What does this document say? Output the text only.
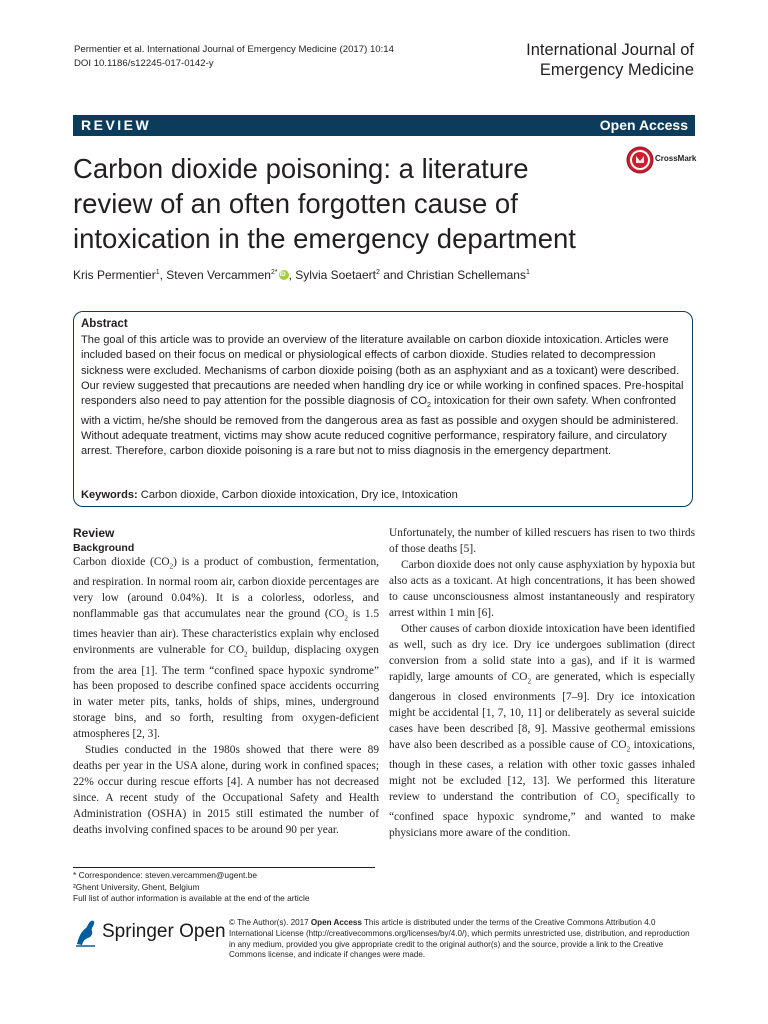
Permentier et al. International Journal of Emergency Medicine (2017) 10:14
DOI 10.1186/s12245-017-0142-y
International Journal of
Emergency Medicine
REVIEW	Open Access
Carbon dioxide poisoning: a literature review of an often forgotten cause of intoxication in the emergency department
CrossMark
Kris Permentier$^1$, Steven Vercammen$^{2*}$iD , Sylvia Soetaert$^2$ and Christian Schellemans$^1$
Abstract
The goal of this article was to provide an overview of the literature available on carbon dioxide intoxication. Articles were included based on their focus on medical or physiological effects of carbon dioxide. Studies related to decompression sickness were excluded. Mechanisms of carbon dioxide poising (both as an asphyxiant and as a toxicant) were described. Our review suggested that precautions are needed when handling dry ice or while working in confined spaces. Pre-hospital responders also need to pay attention for the possible diagnosis of $CO_2$ intoxication for their own safety. When confronted with a victim, he/she should be removed from the dangerous area as fast as possible and oxygen should be administered. Without adequate treatment, victims may show acute reduced cognitive performance, respiratory failure, and circulatory arrest. Therefore, carbon dioxide poisoning is a rare but not to miss diagnosis in the emergency department.
Keywords: Carbon dioxide, Carbon dioxide intoxication, Dry ice, Intoxication
Review
Background

Carbon dioxide $(CO_2)$ is a product of combustion, fermentation, and respiration. In normal room air, carbon dioxide percentages are very low (around 0.04%). It is a colorless, odorless, and nonflammable gas that accumulates near the ground ($CO_2$ is 1.5 times heavier than air). These characteristics explain why enclosed environments are vulnerable for $CO_2$ buildup, displacing oxygen from the area [1]. The term “confined space hypoxic syndrome” has been proposed to describe confined space accidents occurring in water meter pits, tanks, holds of ships, mines, underground storage bins, and so forth, resulting from oxygen-deficient atmospheres [2, 3].

Studies conducted in the 1980s showed that there were 89 deaths per year in the USA alone, during work in confined spaces; 22% occur during rescue efforts [4]. A number has not decreased since. A recent study of the Occupational Safety and Health Administration (OSHA) in 2015 still estimated the number of deaths involving confined spaces to be around 90 per year.

Unfortunately, the number of killed rescuers has risen to two thirds of those deaths [5].

Carbon dioxide does not only cause asphyxiation by hypoxia but also acts as a toxicant. At high concentrations, it has been showed to cause unconsciousness almost instantaneously and respiratory arrest within 1 min [6].

Other causes of carbon dioxide intoxication have been identified as well, such as dry ice. Dry ice undergoes sublimation (direct conversion from a solid state into a gas), and if it is warmed rapidly, large amounts of $CO_2$ are generated, which is especially dangerous in closed environments [7–9]. Dry ice intoxication might be accidental [1, 7, 10, 11] or deliberately as several suicide cases have been described [8, 9]. Massive geothermal emissions have also been described as a possible cause of $CO_2$ intoxications, though in these cases, a relation with other toxic gasses inhaled might not be excluded [12, 13]. We performed this literature review to understand the contribution of $CO_2$ specifically to “confined space hypoxic syndrome,” and wanted to make physicians more aware of the condition.

* Correspondence: steven.vercammen@ugent.be
²Ghent University, Ghent, Belgium
Full list of author information is available at the end of the article
Springer Open © The Author(s). 2017 Open Access This article is distributed under the terms of the Creative Commons Attribution 4.0 International License (http://creativecommons.org/licenses/by/4.0/), which permits unrestricted use, distribution, and reproduction in any medium, provided you give appropriate credit to the original author(s) and the source, provide a link to the Creative Commons license, and indicate if changes were made.
